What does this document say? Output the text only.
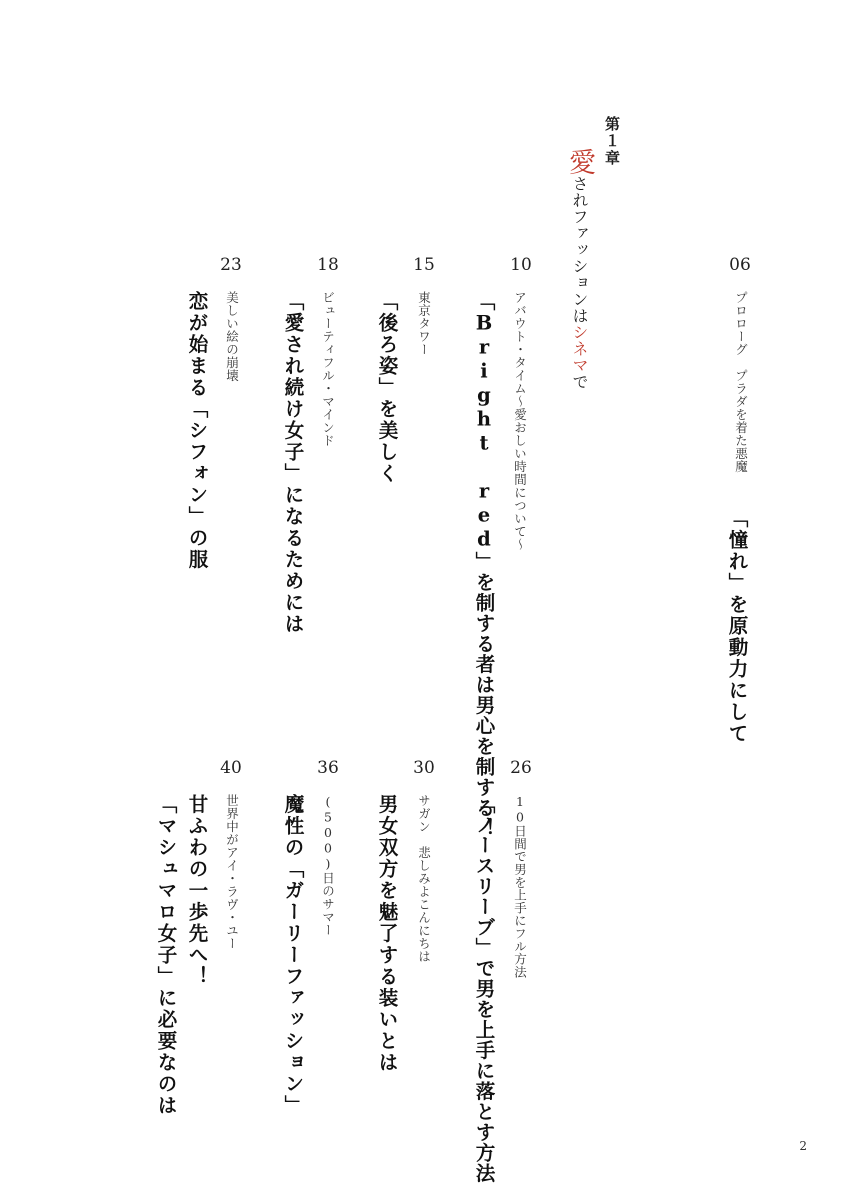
第１章
愛されファッションはシネマで
06
プロローグ　プラダを着た悪魔
「憧れ」を原動力にして
10
アバウト・タイム～愛おしい時間について～
「Bright red」を制する者は男心を制する！
15
東京タワー
「後ろ姿」を美しく
18
ビューティフル・マインド
「愛され続け女子」になるためには
23
美しい絵の崩壊
恋が始まる「シフォン」の服
26
10日間で男を上手にフル方法
「ノースリーブ」で男を上手に落とす方法
30
サガン　悲しみよこんにちは
男女双方を魅了する装いとは
36
(500)日のサマー
魔性の「ガーリーファッション」
40
世界中がアイ・ラヴ・ユー
甘ふわの一歩先へ！
「マシュマロ女子」に必要なのは
2
